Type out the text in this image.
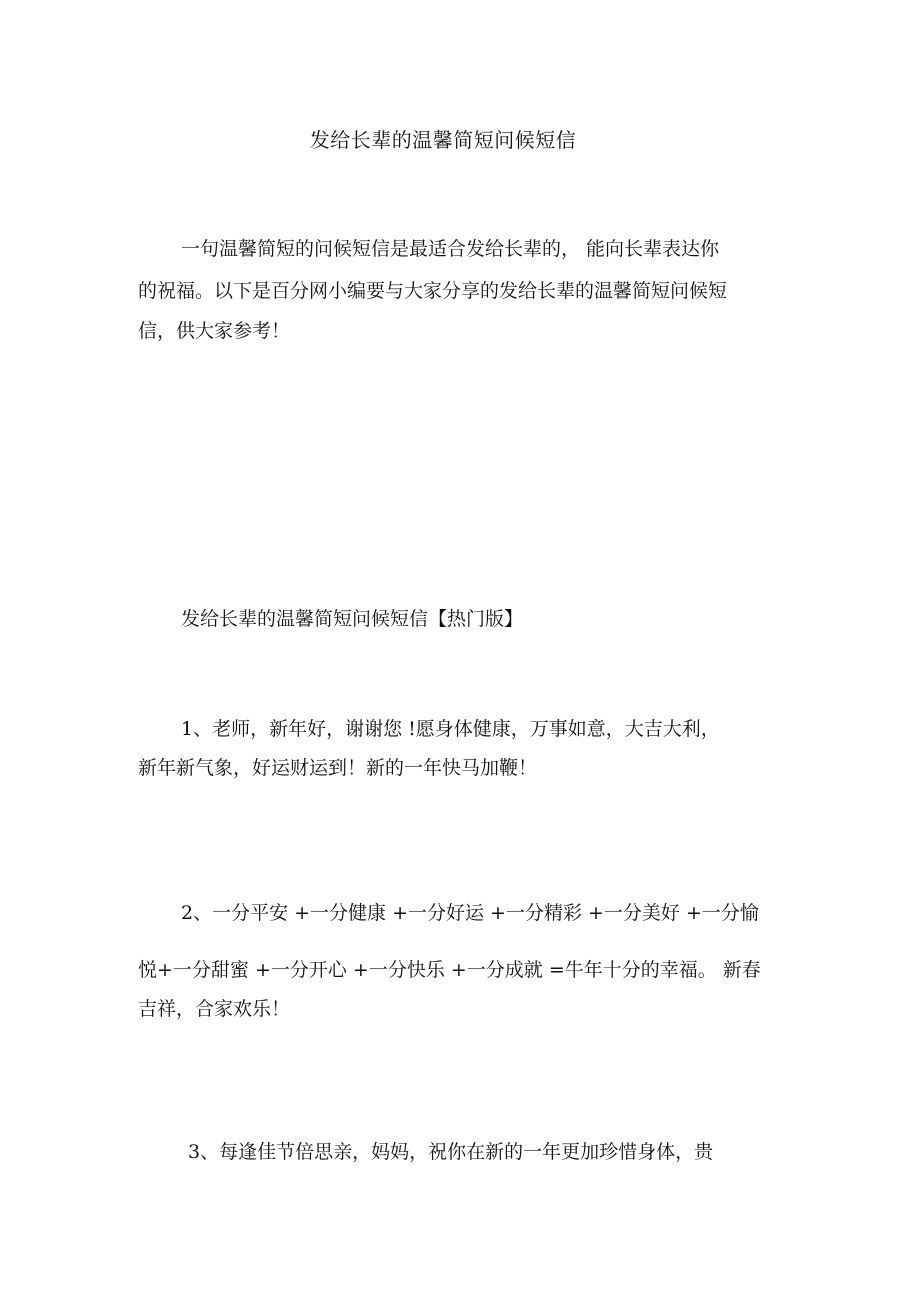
发给长辈的温馨简短问候短信

一句温馨简短的问候短信是最适合发给长辈的， 能向长辈表达你

的祝福。以下是百分网小编要与大家分享的发给长辈的温馨简短问候短

信，供大家参考！

发给长辈的温馨简短问候短信【热门版】

1、老师，新年好，谢谢您 !愿身体健康，万事如意，大吉大利，

新年新气象，好运财运到！新的一年快马加鞭！

2、一分平安 +一分健康 +一分好运 +一分精彩 +一分美好 +一分愉

悦+一分甜蜜 +一分开心 +一分快乐 +一分成就 =牛年十分的幸福。 新春

吉祥，合家欢乐！

3、每逢佳节倍思亲，妈妈，祝你在新的一年更加珍惜身体，贵
